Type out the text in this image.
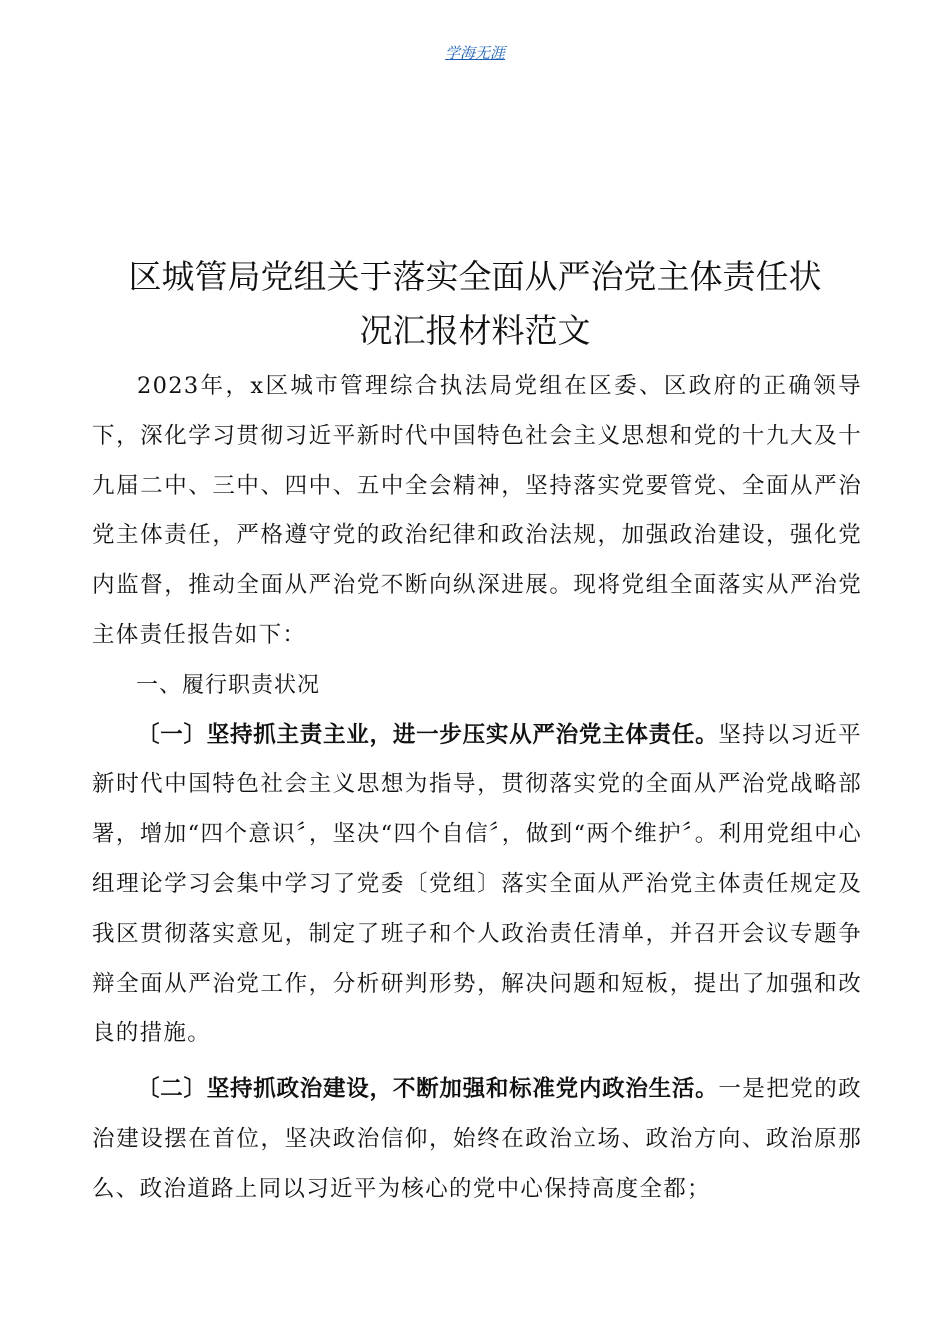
学海无涯
区城管局党组关于落实全面从严治党主体责任状
况汇报材料范文

2023年，x区城市管理综合执法局党组在区委、区政府的正确领导下，深化学习贯彻习近平新时代中国特色社会主义思想和党的十九大及十九届二中、三中、四中、五中全会精神，坚持落实党要管党、全面从严治党主体责任，严格遵守党的政治纪律和政治法规，加强政治建设，强化党内监督，推动全面从严治党不断向纵深进展。现将党组全面落实从严治党主体责任报告如下：

一、履行职责状况

〔一〕坚持抓主责主业，进一步压实从严治党主体责任。坚持以习近平新时代中国特色社会主义思想为指导，贯彻落实党的全面从严治党战略部署，增加“四个意识〞，坚决“四个自信〞，做到“两个维护〞。利用党组中心组理论学习会集中学习了党委〔党组〕落实全面从严治党主体责任规定及我区贯彻落实意见，制定了班子和个人政治责任清单，并召开会议专题争辩全面从严治党工作，分析研判形势，解决问题和短板，提出了加强和改良的措施。

〔二〕坚持抓政治建设，不断加强和标准党内政治生活。一是把党的政治建设摆在首位，坚决政治信仰，始终在政治立场、政治方向、政治原那么、政治道路上同以习近平为核心的党中心保持高度全都；
